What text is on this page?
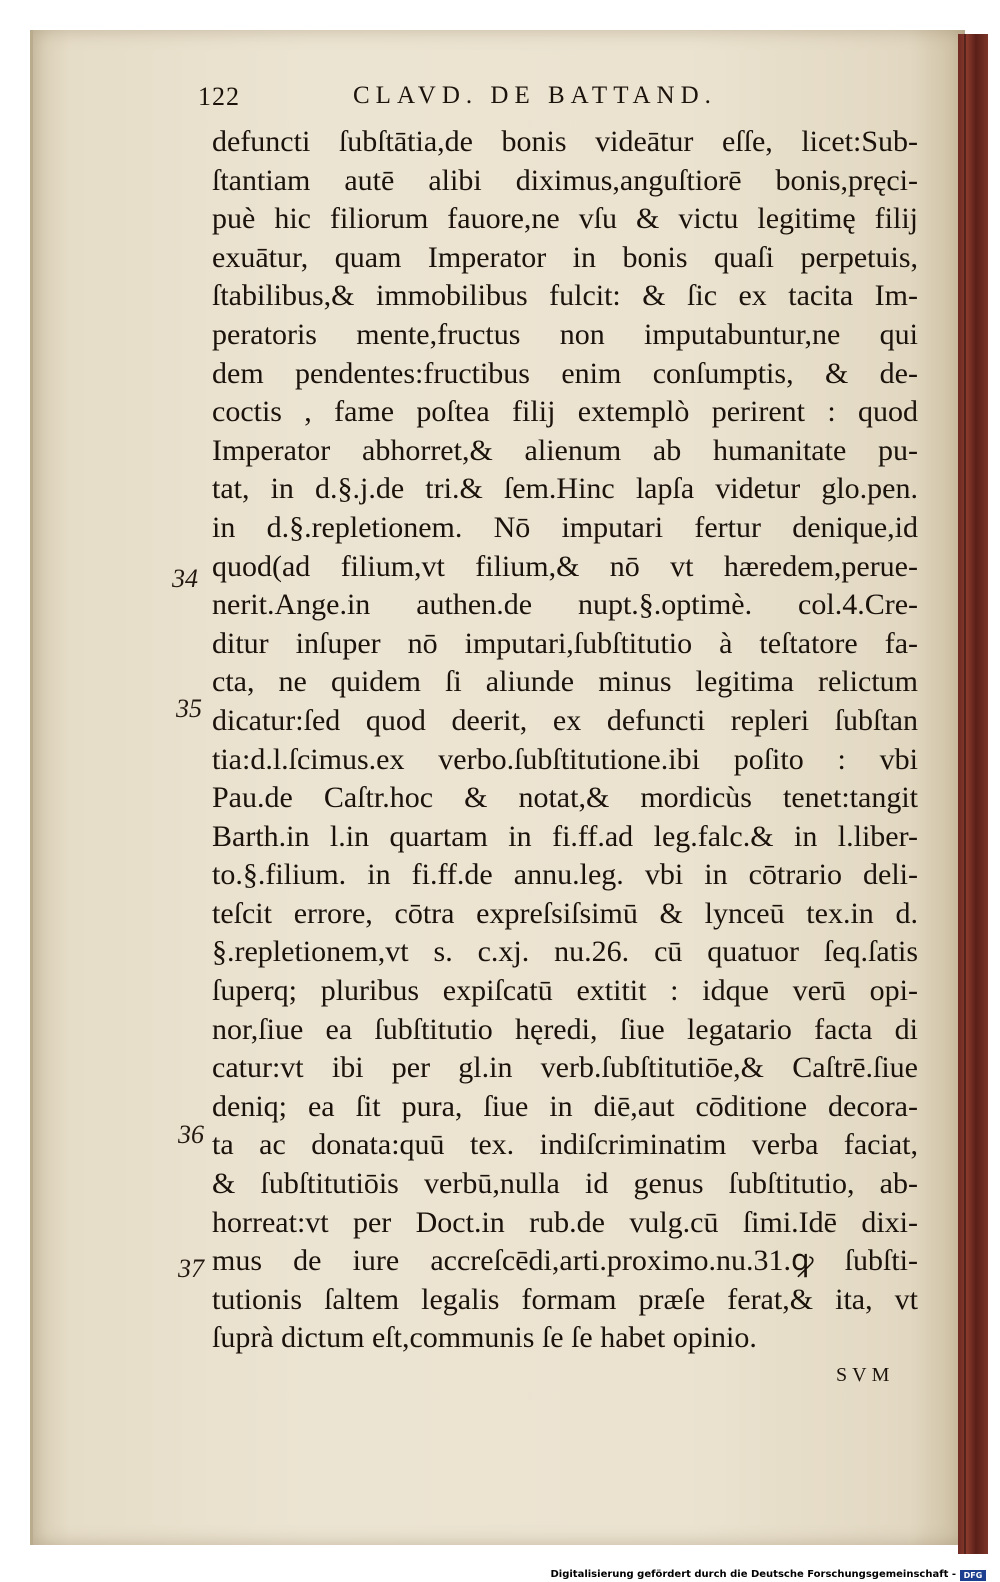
122	CLAVD. DE BATTAND.
defuncti ſubſtātia,de bonis videātur eſſe, licet:Sub-
ſtantiam autē alibi diximus,anguſtiorē bonis,pręci-
puè hic filiorum fauore,ne vſu & victu legitimę filij
exuātur, quam Imperator in bonis quaſi perpetuis,
ſtabilibus,& immobilibus fulcit: & ſic ex tacita Im-
peratoris mente,fructus non imputabuntur,ne qui
dem pendentes:fructibus enim conſumptis, & de-
coctis , fame poſtea filij extemplò perirent : quod
Imperator abhorret,& alienum ab humanitate pu-
tat, in d.§.j.de tri.& ſem.Hinc lapſa videtur glo.pen.
in d.§.repletionem. Nō imputari fertur denique,id
quod(ad filium,vt filium,& nō vt hæredem,perue-
nerit.Ange.in authen.de nupt.§.optimè. col.4.Cre-
ditur inſuper nō imputari,ſubſtitutio à teſtatore fa-
cta, ne quidem ſi aliunde minus legitima relictum
dicatur:ſed quod deerit, ex defuncti repleri ſubſtan
tia:d.l.ſcimus.ex verbo.ſubſtitutione.ibi poſito : vbi
Pau.de Caſtr.hoc & notat,& mordicùs tenet:tangit
Barth.in l.in quartam in fi.ff.ad leg.falc.& in l.liber-
to.§.filium. in fi.ff.de annu.leg. vbi in cōtrario deli-
teſcit errore, cōtra expreſsiſsimū & lynceū tex.in d.
§.repletionem,vt s. c.xj. nu.26. cū quatuor ſeq.ſatis
ſuperq; pluribus expiſcatū extitit : idque verū opi-
nor,ſiue ea ſubſtitutio hęredi, ſiue legatario facta di
catur:vt ibi per gl.in verb.ſubſtitutiōe,& Caſtrē.ſiue
deniq; ea ſit pura, ſiue in diē,aut cōditione decora-
ta ac donata:quū tex. indiſcriminatim verba faciat,
& ſubſtitutiōis verbū,nulla id genus ſubſtitutio, ab-
horreat:vt per Doct.in rub.de vulg.cū ſimi.Idē dixi-
mus de iure accreſcēdi,arti.proximo.nu.31.ꝙ ſubſti-
tutionis ſaltem legalis formam præſe ferat,& ita, vt
ſuprà dictum eſt,communis ſe ſe habet opinio.
34
35
36
37
SVM
Digitalisierung gefördert durch die Deutsche Forschungsgemeinschaft - DFG
